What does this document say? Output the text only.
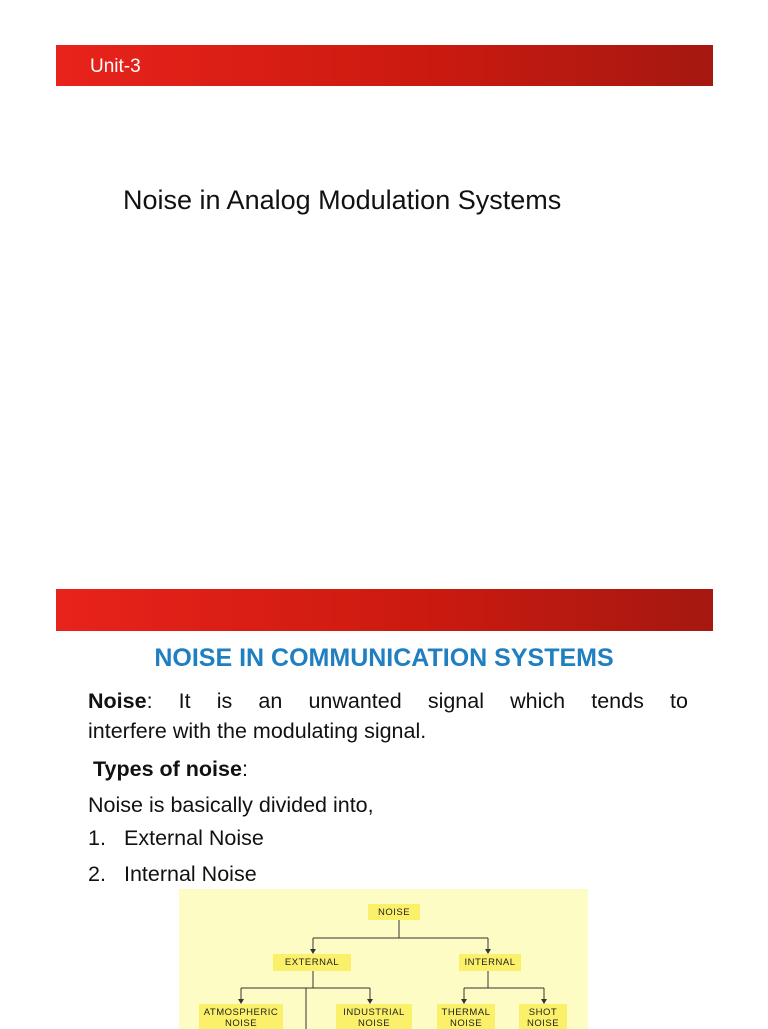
Unit-3
Noise in Analog Modulation Systems
NOISE IN COMMUNICATION SYSTEMS
Noise: It is an unwanted signal which tends to
interfere with the modulating signal.
Types of noise:
Noise is basically divided into,
1. External Noise
2. Internal Noise
NOISE
EXTERNAL	INTERNAL
ATMOSPHERIC
NOISE
INDUSTRIAL
NOISE
THERMAL
NOISE
SHOT
NOISE
